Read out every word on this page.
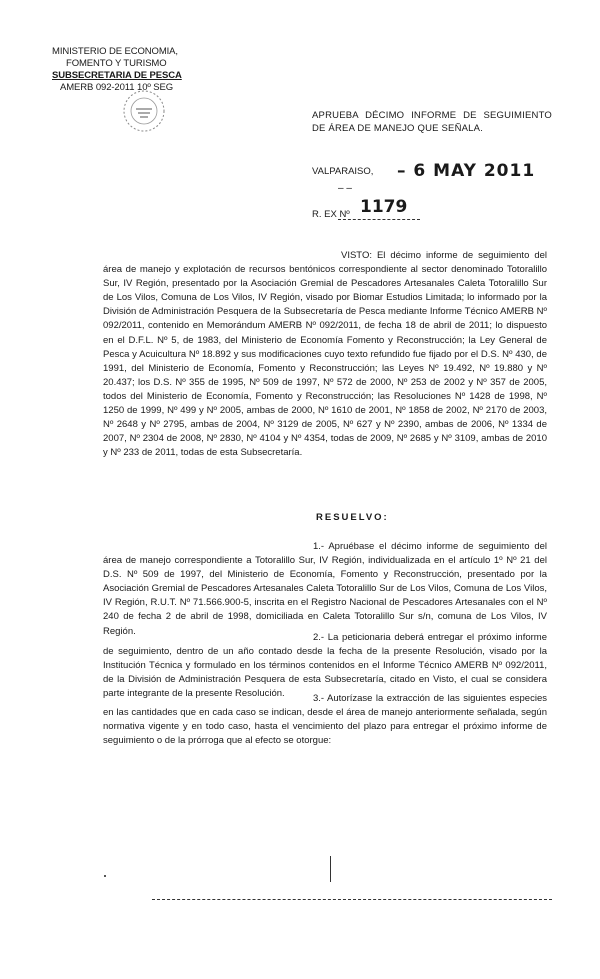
MINISTERIO DE ECONOMIA,
FOMENTO Y TURISMO
SUBSECRETARIA DE PESCA
AMERB 092-2011 10º SEG
APRUEBA DÉCIMO INFORME DE SEGUIMIENTO DE ÁREA DE MANEJO QUE SEÑALA.
VALPARAISO, – 6 MAY 2011
– –
R. EX Nº 1179
VISTO: El décimo informe de seguimiento del área de manejo y explotación de recursos bentónicos correspondiente al sector denominado Totoralillo Sur, IV Región, presentado por la Asociación Gremial de Pescadores Artesanales Caleta Totoralillo Sur de Los Vilos, Comuna de Los Vilos, IV Región, visado por Biomar Estudios Limitada; lo informado por la División de Administración Pesquera de la Subsecretaría de Pesca mediante Informe Técnico AMERB Nº 092/2011, contenido en Memorándum AMERB Nº 092/2011, de fecha 18 de abril de 2011; lo dispuesto en el D.F.L. Nº 5, de 1983, del Ministerio de Economía Fomento y Reconstrucción; la Ley General de Pesca y Acuicultura Nº 18.892 y sus modificaciones cuyo texto refundido fue fijado por el D.S. Nº 430, de 1991, del Ministerio de Economía, Fomento y Reconstrucción; las Leyes Nº 19.492, Nº 19.880 y Nº 20.437; los D.S. Nº 355 de 1995, Nº 509 de 1997, Nº 572 de 2000, Nº 253 de 2002 y Nº 357 de 2005, todos del Ministerio de Economía, Fomento y Reconstrucción; las Resoluciones Nº 1428 de 1998, Nº 1250 de 1999, Nº 499 y Nº 2005, ambas de 2000, Nº 1610 de 2001, Nº 1858 de 2002, Nº 2170 de 2003, Nº 2648 y Nº 2795, ambas de 2004, Nº 3129 de 2005, Nº 627 y Nº 2390, ambas de 2006, Nº 1334 de 2007, Nº 2304 de 2008, Nº 2830, Nº 4104 y Nº 4354, todas de 2009, Nº 2685 y Nº 3109, ambas de 2010 y Nº 233 de 2011, todas de esta Subsecretaría.
RESUELVO:
1.- Apruébase el décimo informe de seguimiento del área de manejo correspondiente a Totoralillo Sur, IV Región, individualizada en el artículo 1º Nº 21 del D.S. Nº 509 de 1997, del Ministerio de Economía, Fomento y Reconstrucción, presentado por la Asociación Gremial de Pescadores Artesanales Caleta Totoralillo Sur de Los Vilos, Comuna de Los Vilos, IV Región, R.U.T. Nº 71.566.900-5, inscrita en el Registro Nacional de Pescadores Artesanales con el Nº 240 de fecha 2 de abril de 1998, domiciliada en Caleta Totoralillo Sur s/n, comuna de Los Vilos, IV Región.
2.- La peticionaria deberá entregar el próximo informe de seguimiento, dentro de un año contado desde la fecha de la presente Resolución, visado por la Institución Técnica y formulado en los términos contenidos en el Informe Técnico AMERB Nº 092/2011, de la División de Administración Pesquera de esta Subsecretaría, citado en Visto, el cual se considera parte integrante de la presente Resolución.	3.- Autorízase la extracción de las siguientes especies en las cantidades que en cada caso se indican, desde el área de manejo anteriormente señalada, según normativa vigente y en todo caso, hasta el vencimiento del plazo para entregar el próximo informe de seguimiento o de la prórroga que al efecto se otorgue:
